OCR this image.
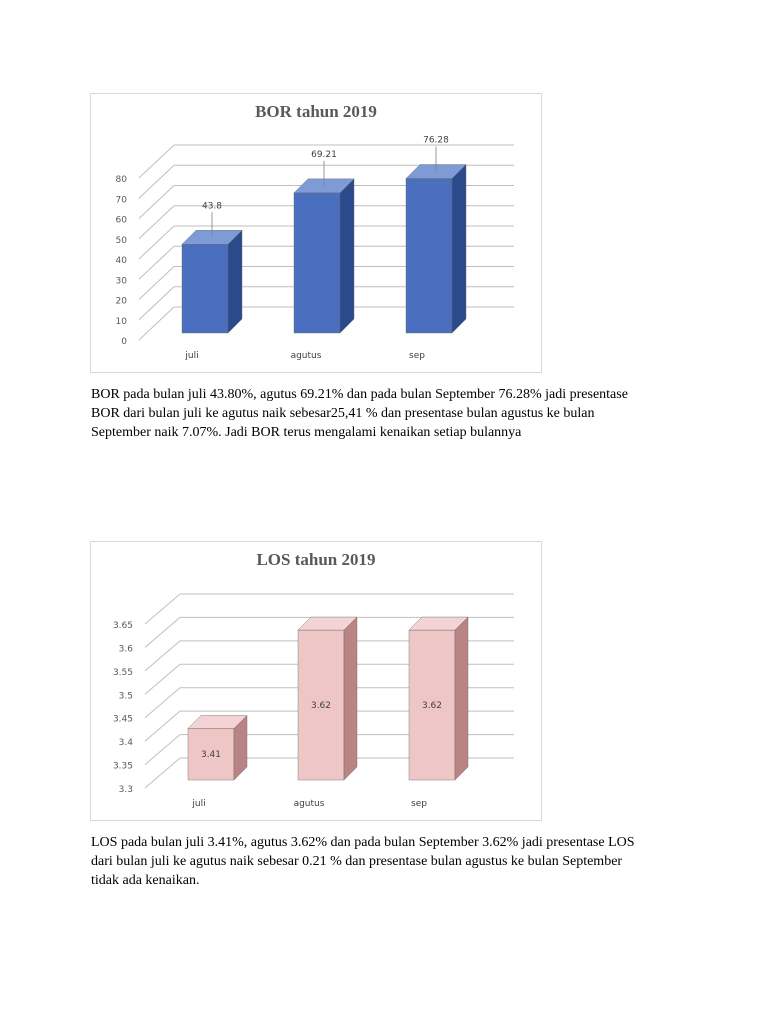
BOR tahun 2019
0
10
20
30
40
50
60
70
80
43.8
juli
69.21
agutus
76.28
sep

BOR pada bulan juli 43.80%, agutus 69.21% dan pada bulan September 76.28% jadi presentase
BOR dari bulan juli ke agutus naik sebesar25,41 % dan presentase bulan agustus ke bulan
September naik 7.07%. Jadi BOR terus mengalami kenaikan setiap bulannya

LOS tahun 2019
3.3
3.35
3.4
3.45
3.5
3.55
3.6
3.65
3.41
juli
3.62
agutus
3.62
sep

LOS pada bulan juli 3.41%, agutus 3.62% dan pada bulan September 3.62% jadi presentase LOS
dari bulan juli ke agutus naik sebesar 0.21 % dan presentase bulan agustus ke bulan September
tidak ada kenaikan.
